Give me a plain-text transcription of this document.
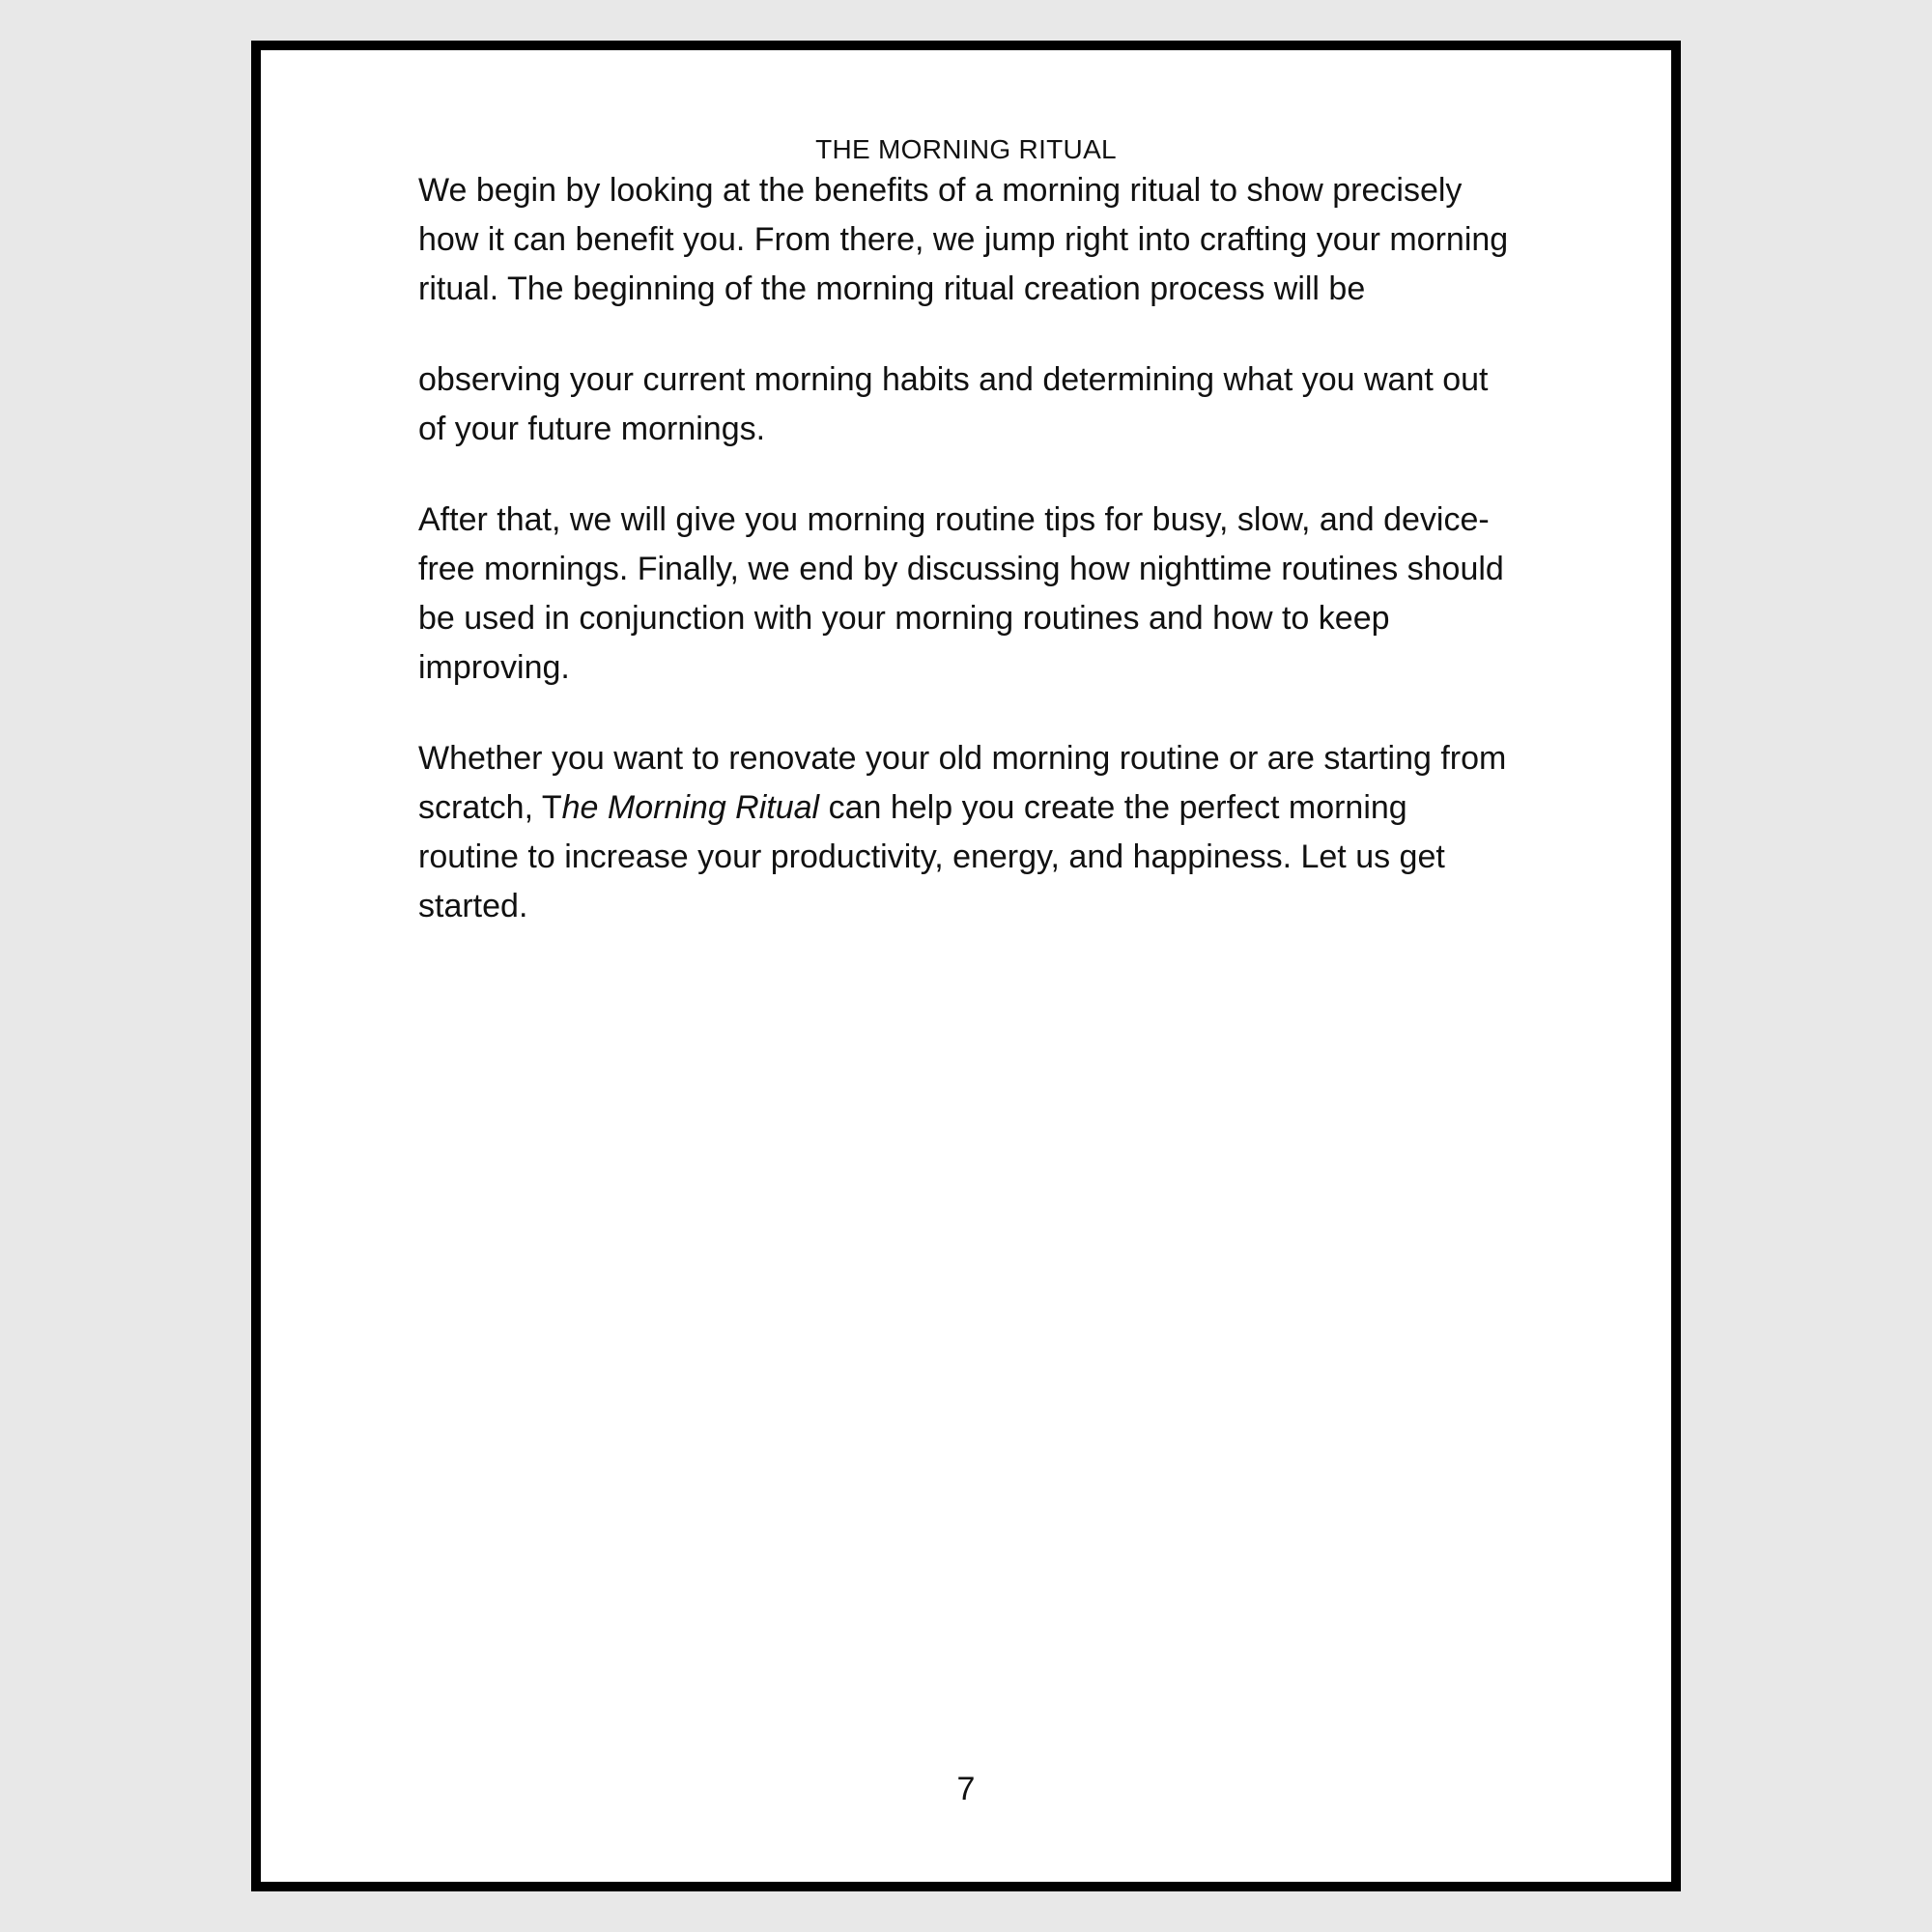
THE MORNING RITUAL

We begin by looking at the benefits of a morning ritual to show precisely

how it can benefit you. From there, we jump right into crafting your morning

ritual. The beginning of the morning ritual creation process will be

observing your current morning habits and determining what you want out

of your future mornings.

After that, we will give you morning routine tips for busy, slow, and device-

free mornings. Finally, we end by discussing how nighttime routines should

be used in conjunction with your morning routines and how to keep

improving.

Whether you want to renovate your old morning routine or are starting from

scratch, The Morning Ritual can help you create the perfect morning

routine to increase your productivity, energy, and happiness. Let us get

started.

7
